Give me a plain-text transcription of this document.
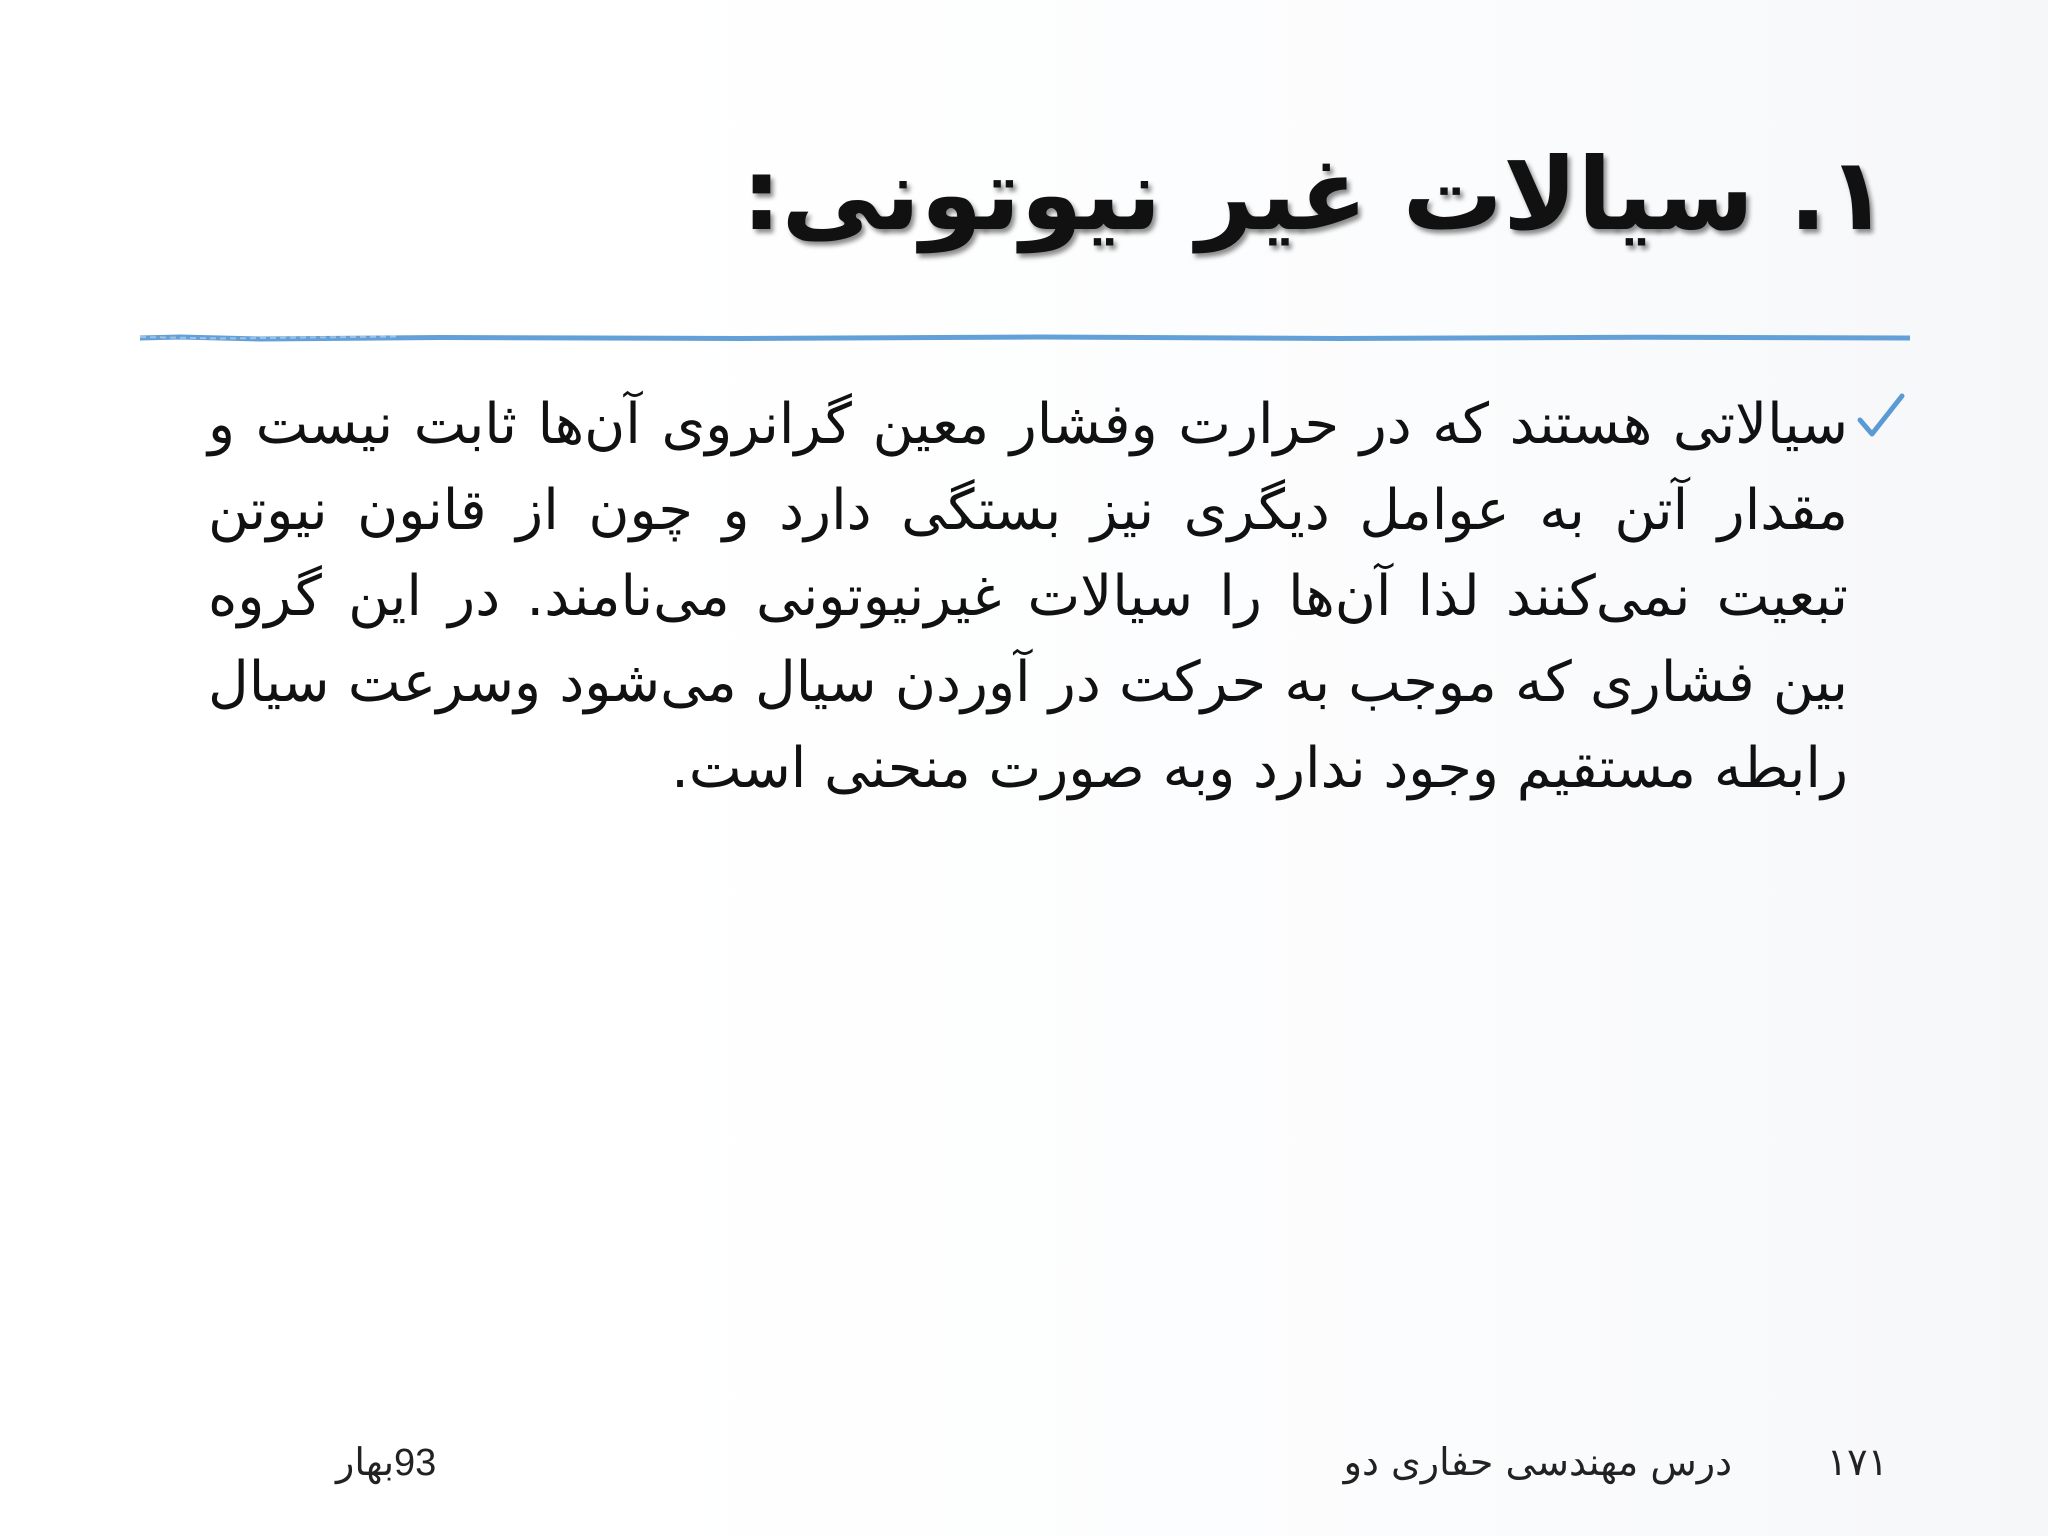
۱. سیالات غیر نیوتونی:

سیالاتی هستند که در حرارت وفشار معین گرانروی آن‌ها ثابت نیست و مقدار آتن به عوامل دیگری نیز بستگی دارد و چون از قانون نیوتن تبعیت نمی‌کنند لذا آن‌ها را سیالات غیرنیوتونی می‌نامند. در این گروه بین فشاری که موجب به حرکت در آوردن سیال می‌شود وسرعت سیال رابطه مستقیم وجود ندارد وبه صورت منحنی است.

۱۷۱
درس مهندسی حفاری دو
93بهار
